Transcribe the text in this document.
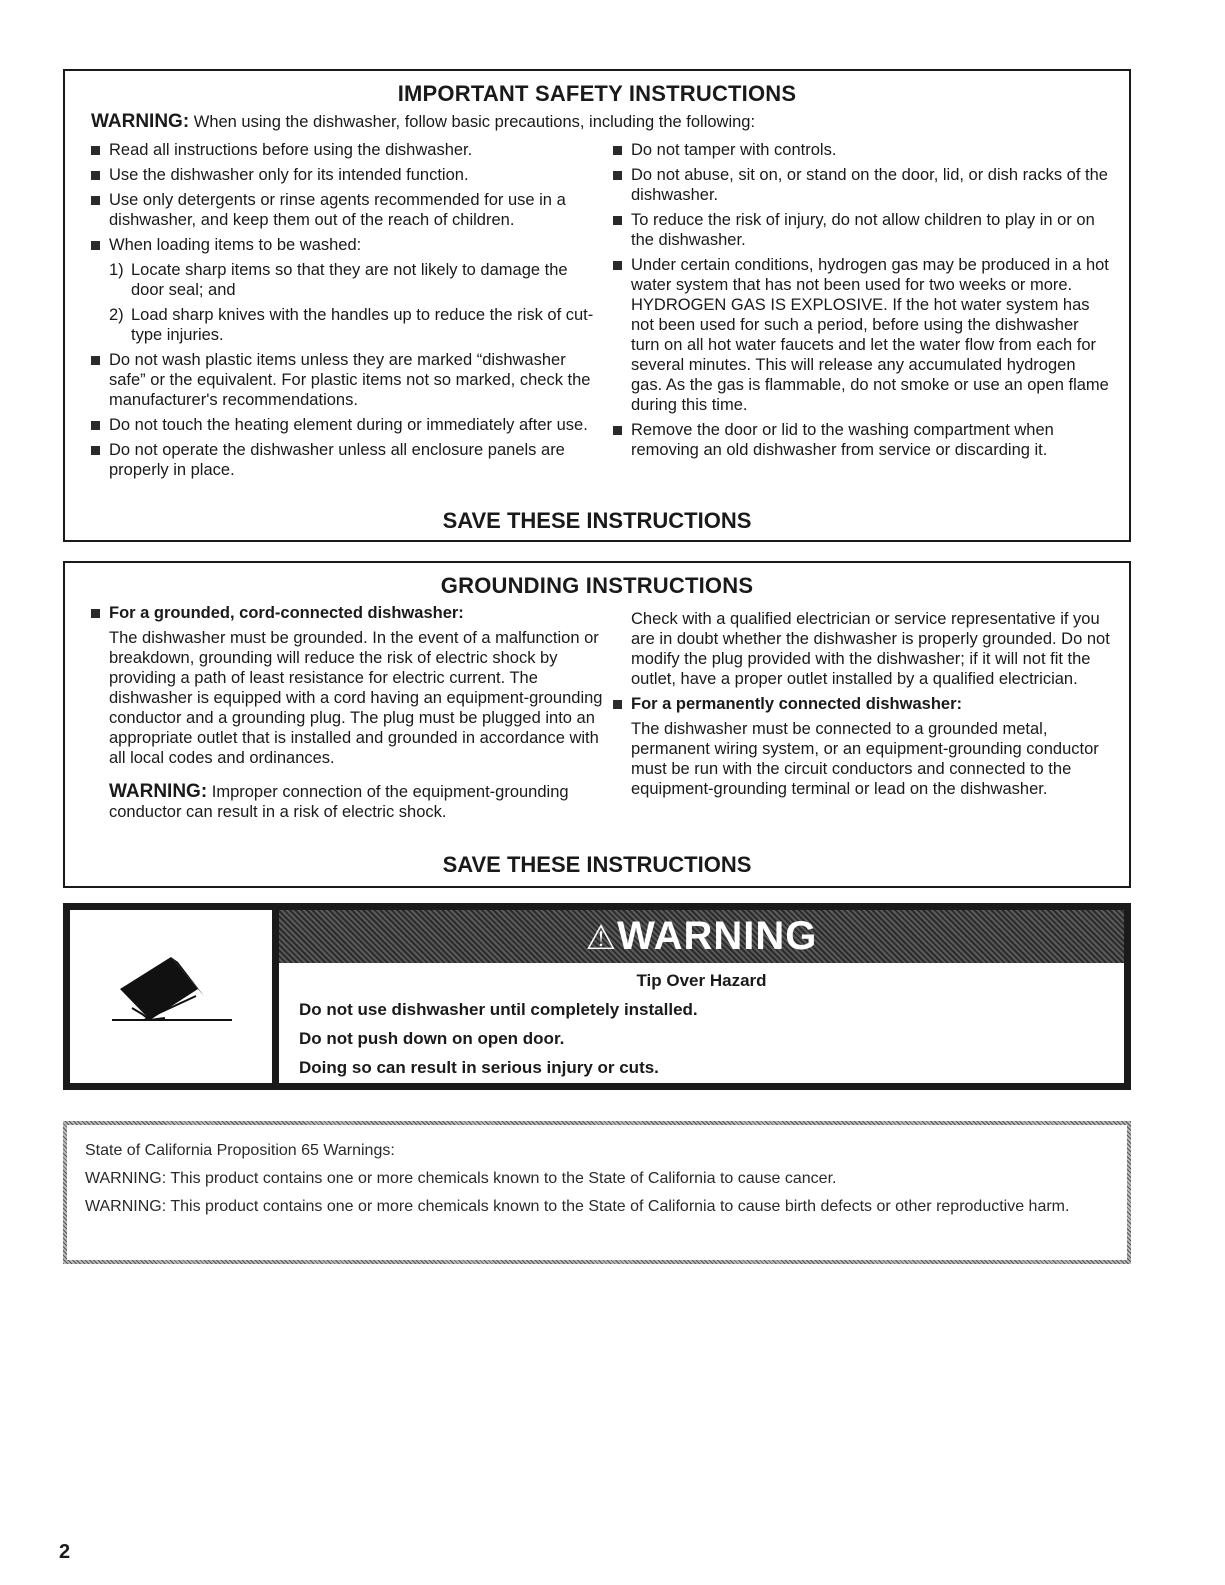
IMPORTANT SAFETY INSTRUCTIONS
WARNING: When using the dishwasher, follow basic precautions, including the following:
Read all instructions before using the dishwasher.
Use the dishwasher only for its intended function.
Use only detergents or rinse agents recommended for use in a dishwasher, and keep them out of the reach of children.
When loading items to be washed:
1) Locate sharp items so that they are not likely to damage the door seal; and
2) Load sharp knives with the handles up to reduce the risk of cut-type injuries.
Do not wash plastic items unless they are marked “dishwasher safe” or the equivalent. For plastic items not so marked, check the manufacturer's recommendations.
Do not touch the heating element during or immediately after use.
Do not operate the dishwasher unless all enclosure panels are properly in place.
Do not tamper with controls.
Do not abuse, sit on, or stand on the door, lid, or dish racks of the dishwasher.
To reduce the risk of injury, do not allow children to play in or on the dishwasher.
Under certain conditions, hydrogen gas may be produced in a hot water system that has not been used for two weeks or more. HYDROGEN GAS IS EXPLOSIVE. If the hot water system has not been used for such a period, before using the dishwasher turn on all hot water faucets and let the water flow from each for several minutes. This will release any accumulated hydrogen gas. As the gas is flammable, do not smoke or use an open flame during this time.
Remove the door or lid to the washing compartment when removing an old dishwasher from service or discarding it.
SAVE THESE INSTRUCTIONS
GROUNDING INSTRUCTIONS
For a grounded, cord-connected dishwasher:
The dishwasher must be grounded. In the event of a malfunction or breakdown, grounding will reduce the risk of electric shock by providing a path of least resistance for electric current. The dishwasher is equipped with a cord having an equipment-grounding conductor and a grounding plug. The plug must be plugged into an appropriate outlet that is installed and grounded in accordance with all local codes and ordinances.
WARNING: Improper connection of the equipment-grounding conductor can result in a risk of electric shock.
Check with a qualified electrician or service representative if you are in doubt whether the dishwasher is properly grounded. Do not modify the plug provided with the dishwasher; if it will not fit the outlet, have a proper outlet installed by a qualified electrician.
For a permanently connected dishwasher:
The dishwasher must be connected to a grounded metal, permanent wiring system, or an equipment-grounding conductor must be run with the circuit conductors and connected to the equipment-grounding terminal or lead on the dishwasher.
SAVE THESE INSTRUCTIONS
⚠WARNING
Tip Over Hazard
Do not use dishwasher until completely installed.
Do not push down on open door.
Doing so can result in serious injury or cuts.

State of California Proposition 65 Warnings:

WARNING: This product contains one or more chemicals known to the State of California to cause cancer.

WARNING: This product contains one or more chemicals known to the State of California to cause birth defects or other reproductive harm.

2
